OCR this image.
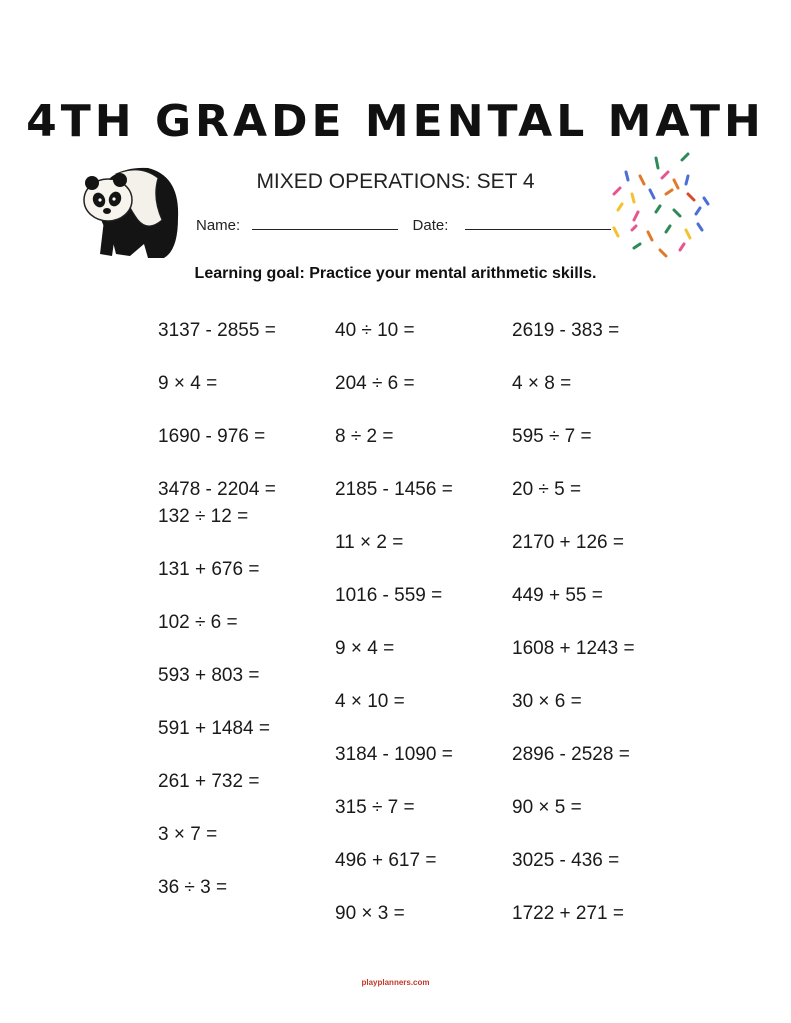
4TH GRADE MENTAL MATH
MIXED OPERATIONS: SET 4
Name:	Date:
Learning goal: Practice your mental arithmetic skills.
3137 - 2855 =
9 × 4 =
1690 - 976 =
3478 - 2204 =
132 ÷ 12 =
131 + 676 =
102 ÷ 6 =
593 + 803 =
591 + 1484 =
261 + 732 =
3 × 7 =
36 ÷ 3 =
40 ÷ 10 =
204 ÷ 6 =
8 ÷ 2 =
2185 - 1456 =
11 × 2 =
1016 - 559 =
9 × 4 =
4 × 10 =
3184 - 1090 =
315 ÷ 7 =
496 + 617 =
90 × 3 =
2619 - 383 =
4 × 8 =
595 ÷ 7 =
20 ÷ 5 =
2170 + 126 =
449 + 55 =
1608 + 1243 =
30 × 6 =
2896 - 2528 =
90 × 5 =
3025 - 436 =
1722 + 271 =
playplanners.com
